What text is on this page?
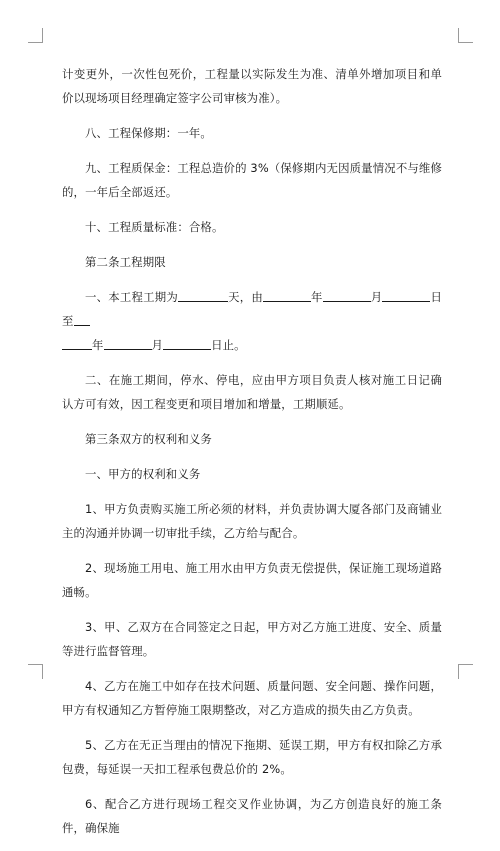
计变更外，一次性包死价，工程量以实际发生为准、清单外增加项目和单价以现场项目经理确定签字公司审核为准）。

八、工程保修期：一年。

九、工程质保金：工程总造价的 3%（保修期内无因质量情况不与维修的，一年后全部返还。

十、工程质量标准：合格。

第二条工程期限

一、本工程工期为	天，由	年	月	日至
年	月	日止。

二、在施工期间，停水、停电，应由甲方项目负责人核对施工日记确认方可有效，因工程变更和项目增加和增量，工期顺延。

第三条双方的权利和义务

一、甲方的权利和义务

1、甲方负责购买施工所必须的材料，并负责协调大厦各部门及商铺业主的沟通并协调一切审批手续，乙方给与配合。

2、现场施工用电、施工用水由甲方负责无偿提供，保证施工现场道路通畅。

3、甲、乙双方在合同签定之日起，甲方对乙方施工进度、安全、质量等进行监督管理。

4、乙方在施工中如存在技术问题、质量问题、安全问题、操作问题，甲方有权通知乙方暂停施工限期整改，对乙方造成的损失由乙方负责。

5、乙方在无正当理由的情况下拖期、延误工期，甲方有权扣除乙方承包费，每延误一天扣工程承包费总价的 2%。

6、配合乙方进行现场工程交叉作业协调，为乙方创造良好的施工条件，确保施
